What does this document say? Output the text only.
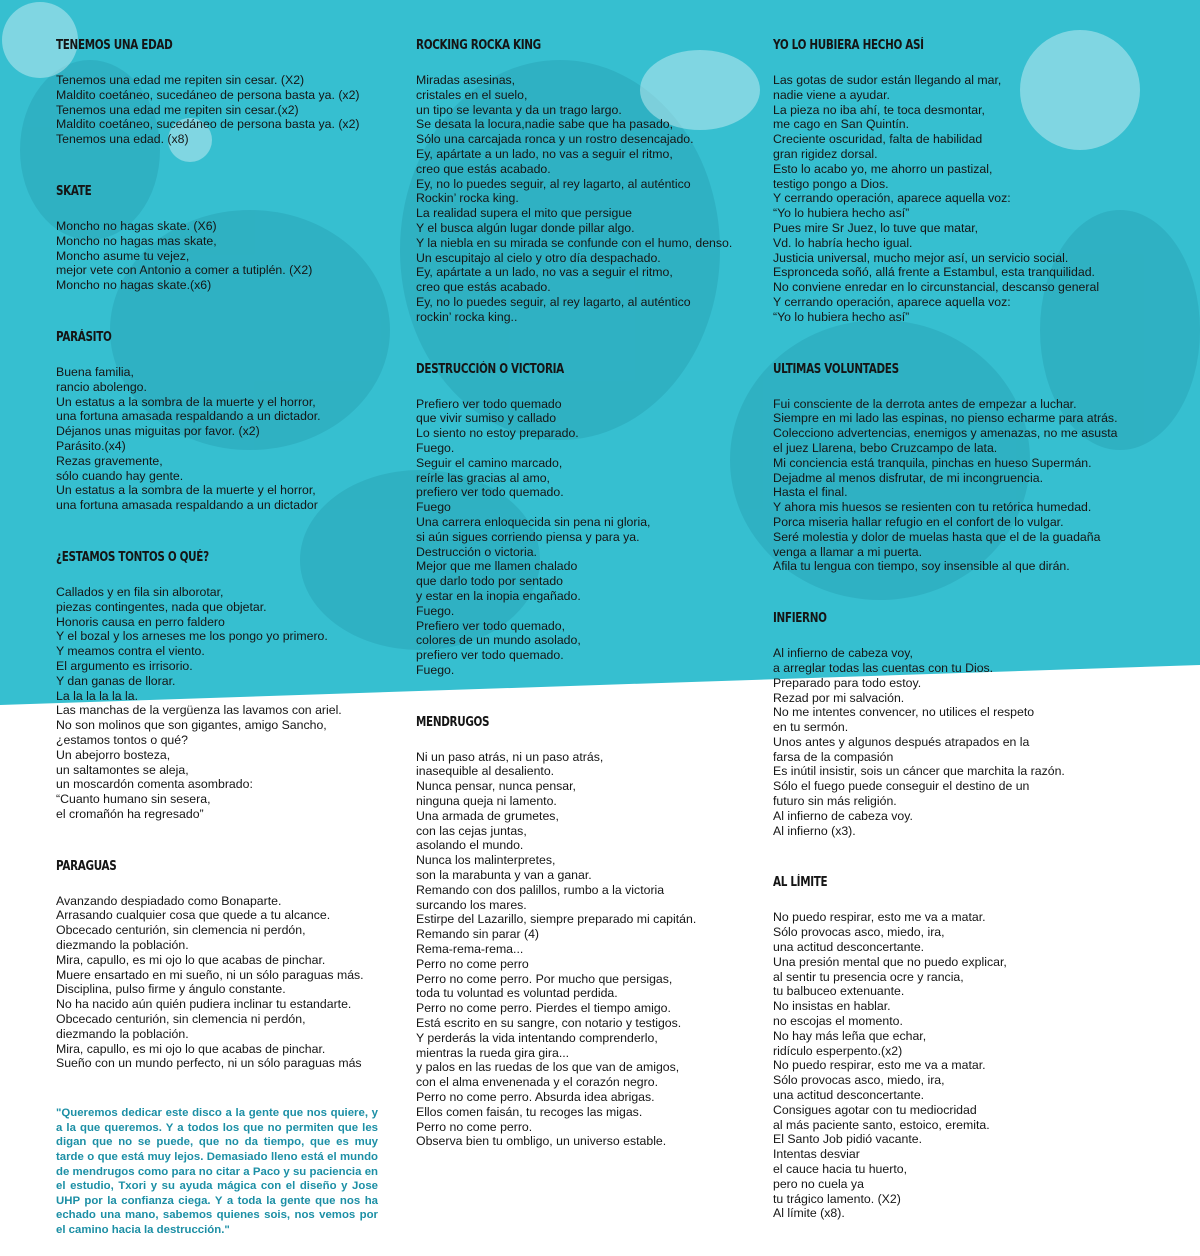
TENEMOS UNA EDAD
Tenemos una edad me repiten sin cesar. (X2)
Maldito coetáneo, sucedáneo de persona basta ya. (x2)
Tenemos una edad me repiten sin cesar.(x2)
Maldito coetáneo, sucedáneo de persona basta ya. (x2)
Tenemos una edad. (x8)
SKATE
Moncho no hagas skate. (X6)
Moncho no hagas mas skate,
Moncho asume tu vejez,
mejor vete con Antonio a comer a tutiplén. (X2)
Moncho no hagas skate.(x6)
PARÁSITO
Buena familia,
rancio abolengo.
Un estatus a la sombra de la muerte y el horror,
una fortuna amasada respaldando a un dictador.
Déjanos unas miguitas por favor. (x2)
Parásito.(x4)
Rezas gravemente,
sólo cuando hay gente.
Un estatus a la sombra de la muerte y el horror,
una fortuna amasada respaldando a un dictador
¿ESTAMOS TONTOS O QUÉ?
Callados y en fila sin alborotar,
piezas contingentes, nada que objetar.
Honoris causa en perro faldero
Y el bozal y los arneses me los pongo yo primero.
Y meamos contra el viento.
El argumento es irrisorio.
Y dan ganas de llorar.
La la la la la la.
Las manchas de la vergüenza las lavamos con ariel.
No son molinos que son gigantes, amigo Sancho,
¿estamos tontos o qué?
Un abejorro bosteza,
un saltamontes se aleja,
un moscardón comenta asombrado:
“Cuanto humano sin sesera,
el cromañón ha regresado”
PARAGUAS
Avanzando despiadado como Bonaparte.
Arrasando cualquier cosa que quede a tu alcance.
Obcecado centurión, sin clemencia ni perdón,
diezmando la población.
Mira, capullo, es mi ojo lo que acabas de pinchar.
Muere ensartado en mi sueño, ni un sólo paraguas más.
Disciplina, pulso firme y ángulo constante.
No ha nacido aún quién pudiera inclinar tu estandarte.
Obcecado centurión, sin clemencia ni perdón,
diezmando la población.
Mira, capullo, es mi ojo lo que acabas de pinchar.
Sueño con un mundo perfecto, ni un sólo paraguas más
"Queremos dedicar este disco a la gente que nos quiere, y a la que queremos. Y a todos los que no permiten que les digan que no se puede, que no da tiempo, que es muy tarde o que está muy lejos. Demasiado lleno está el mundo de mendrugos como para no citar a Paco y su paciencia en el estudio, Txori y su ayuda mágica con el diseño y Jose UHP por la confianza ciega. Y a toda la gente que nos ha echado una mano, sabemos quienes sois, nos vemos por el camino hacia la destrucción."
ROCKING ROCKA KING
Miradas asesinas,
cristales en el suelo,
un tipo se levanta y da un trago largo.
Se desata la locura,nadie sabe que ha pasado,
Sólo una carcajada ronca y un rostro desencajado.
Ey, apártate a un lado, no vas a seguir el ritmo,
creo que estás acabado.
Ey, no lo puedes seguir, al rey lagarto, al auténtico
Rockin’ rocka king.
La realidad supera el mito que persigue
Y el busca algún lugar donde pillar algo.
Y la niebla en su mirada se confunde con el humo, denso.
Un escupitajo al cielo y otro día despachado.
Ey, apártate a un lado, no vas a seguir el ritmo,
creo que estás acabado.
Ey, no lo puedes seguir, al rey lagarto, al auténtico
rockin’ rocka king..
DESTRUCCIÓN O VICTORIA
Prefiero ver todo quemado
que vivir sumiso y callado
Lo siento no estoy preparado.
Fuego.
Seguir el camino marcado,
reírle las gracias al amo,
prefiero ver todo quemado.
Fuego
Una carrera enloquecida sin pena ni gloria,
si aún sigues corriendo piensa y para ya.
Destrucción o victoria.
Mejor que me llamen chalado
que darlo todo por sentado
y estar en la inopia engañado.
Fuego.
Prefiero ver todo quemado,
colores de un mundo asolado,
prefiero ver todo quemado.
Fuego.
MENDRUGOS
Ni un paso atrás, ni un paso atrás,
inasequible al desaliento.
Nunca pensar, nunca pensar,
ninguna queja ni lamento.
Una armada de grumetes,
con las cejas juntas,
asolando el mundo.
Nunca los malinterpretes,
son la marabunta y van a ganar.
Remando con dos palillos, rumbo a la victoria
surcando los mares.
Estirpe del Lazarillo, siempre preparado mi capitán.
Remando sin parar (4)
Rema-rema-rema...
Perro no come perro
Perro no come perro. Por mucho que persigas,
toda tu voluntad es voluntad perdida.
Perro no come perro. Pierdes el tiempo amigo.
Está escrito en su sangre, con notario y testigos.
Y perderás la vida intentando comprenderlo,
mientras la rueda gira gira...
y palos en las ruedas de los que van de amigos,
con el alma envenenada y el corazón negro.
Perro no come perro. Absurda idea abrigas.
Ellos comen faisán, tu recoges las migas.
Perro no come perro.
Observa bien tu ombligo, un universo estable.
YO LO HUBIERA HECHO ASÍ
Las gotas de sudor están llegando al mar,
nadie viene a ayudar.
La pieza no iba ahí, te toca desmontar,
me cago en San Quintín.
Creciente oscuridad, falta de habilidad
gran rigidez dorsal.
Esto lo acabo yo, me ahorro un pastizal,
testigo pongo a Dios.
Y cerrando operación, aparece aquella voz:
“Yo lo hubiera hecho así”
Pues mire Sr Juez, lo tuve que matar,
Vd. lo habría hecho igual.
Justicia universal, mucho mejor así, un servicio social.
Espronceda soñó, allá frente a Estambul, esta tranquilidad.
No conviene enredar en lo circunstancial, descanso general
Y cerrando operación, aparece aquella voz:
“Yo lo hubiera hecho así”
ULTIMAS VOLUNTADES
Fui consciente de la derrota antes de empezar a luchar.
Siempre en mi lado las espinas, no pienso echarme para atrás.
Colecciono advertencias, enemigos y amenazas, no me asusta
el juez Llarena, bebo Cruzcampo de lata.
Mi conciencia está tranquila, pinchas en hueso Supermán.
Dejadme al menos disfrutar, de mi incongruencia.
Hasta el final.
Y ahora mis huesos se resienten con tu retórica humedad.
Porca miseria hallar refugio en el confort de lo vulgar.
Seré molestia y dolor de muelas hasta que el de la guadaña
venga a llamar a mi puerta.
Afila tu lengua con tiempo, soy insensible al que dirán.
INFIERNO
Al infierno de cabeza voy,
a arreglar todas las cuentas con tu Dios.
Preparado para todo estoy.
Rezad por mi salvación.
No me intentes convencer, no utilices el respeto
en tu sermón.
Unos antes y algunos después atrapados en la
farsa de la compasión
Es inútil insistir, sois un cáncer que marchita la razón.
Sólo el fuego puede conseguir el destino de un
futuro sin más religión.
Al infierno de cabeza voy.
Al infierno (x3).
AL LÍMITE
No puedo respirar, esto me va a matar.
Sólo provocas asco, miedo, ira,
una actitud desconcertante.
Una presión mental que no puedo explicar,
al sentir tu presencia ocre y rancia,
tu balbuceo extenuante.
No insistas en hablar.
no escojas el momento.
No hay más leña que echar,
ridículo esperpento.(x2)
No puedo respirar, esto me va a matar.
Sólo provocas asco, miedo, ira,
una actitud desconcertante.
Consigues agotar con tu mediocridad
al más paciente santo, estoico, eremita.
El Santo Job pidió vacante.
Intentas desviar
el cauce hacia tu huerto,
pero no cuela ya
tu trágico lamento. (X2)
Al límite (x8).
